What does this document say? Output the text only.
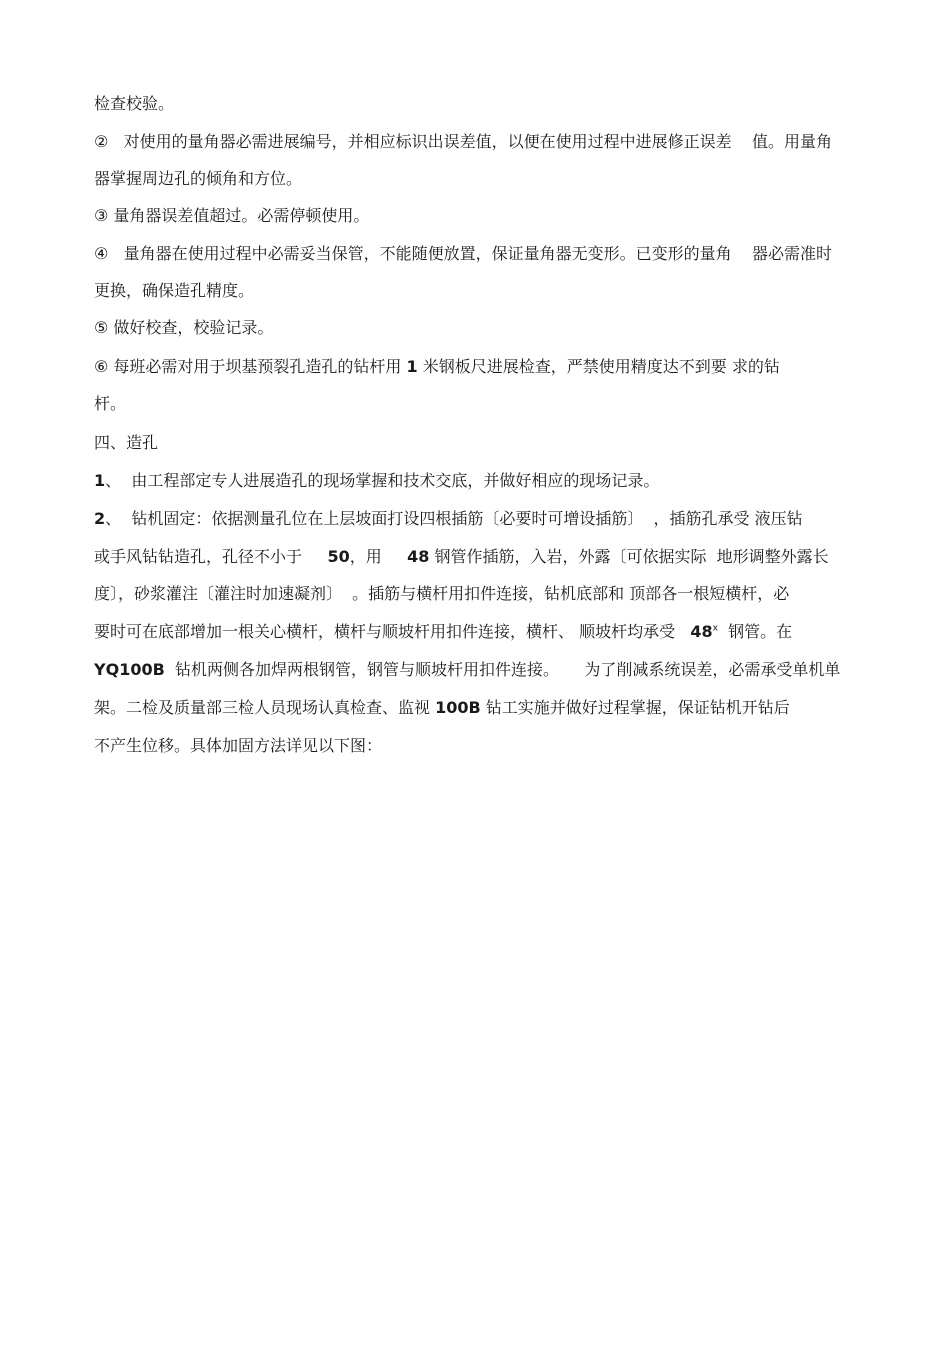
检查校验。
②   对使用的量角器必需进展编号，并相应标识出误差值，以便在使用过程中进展修正误差    值。用量角
器掌握周边孔的倾角和方位。
③ 量角器误差值超过。必需停顿使用。
④   量角器在使用过程中必需妥当保管，不能随便放置，保证量角器无变形。已变形的量角    器必需准时
更换，确保造孔精度。
⑤ 做好校查，校验记录。
⑥ 每班必需对用于坝基预裂孔造孔的钻杆用 1 米钢板尺进展检查，严禁使用精度达不到要 求的钻
杆。
四、造孔
1、  由工程部定专人进展造孔的现场掌握和技术交底，并做好相应的现场记录。
2、  钻机固定：依据测量孔位在上层坡面打设四根插筋〔必要时可增设插筋〕  ，插筋孔承受 液压钻
或手风钻钻造孔，孔径不小于     50，用     48 钢管作插筋，入岩，外露〔可依据实际  地形调整外露长
度〕，砂浆灌注〔灌注时加速凝剂〕  。插筋与横杆用扣件连接，钻机底部和 顶部各一根短横杆，必
要时可在底部增加一根关心横杆，横杆与顺坡杆用扣件连接，横杆、 顺坡杆均承受   48$^x$  钢管。在
YQ100B  钻机两侧各加焊两根钢管，钢管与顺坡杆用扣件连接。     为了削减系统误差，必需承受单机单
架。二检及质量部三检人员现场认真检查、监视 100B 钻工实施并做好过程掌握，保证钻机开钻后
不产生位移。具体加固方法详见以下图：
